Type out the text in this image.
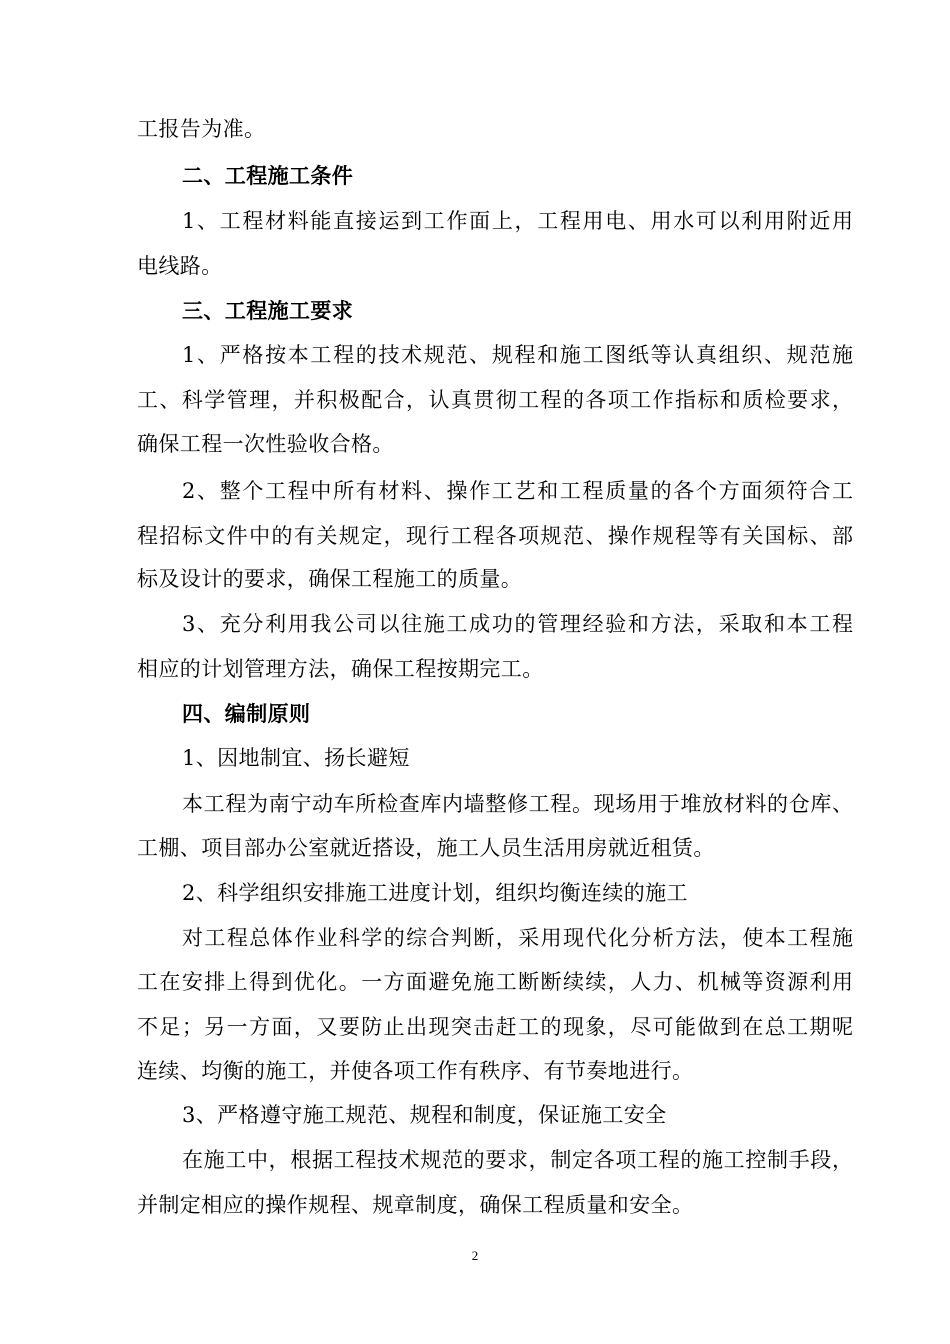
工报告为准。
二、工程施工条件
1、工程材料能直接运到工作面上，工程用电、用水可以利用附近用
电线路。
三、工程施工要求
1、严格按本工程的技术规范、规程和施工图纸等认真组织、规范施
工、科学管理，并积极配合，认真贯彻工程的各项工作指标和质检要求，
确保工程一次性验收合格。
2、整个工程中所有材料、操作工艺和工程质量的各个方面须符合工
程招标文件中的有关规定，现行工程各项规范、操作规程等有关国标、部
标及设计的要求，确保工程施工的质量。
3、充分利用我公司以往施工成功的管理经验和方法，采取和本工程
相应的计划管理方法，确保工程按期完工。
四、编制原则
1、因地制宜、扬长避短
本工程为南宁动车所检查库内墙整修工程。现场用于堆放材料的仓库、
工棚、项目部办公室就近搭设，施工人员生活用房就近租赁。
2、科学组织安排施工进度计划，组织均衡连续的施工
对工程总体作业科学的综合判断，采用现代化分析方法，使本工程施
工在安排上得到优化。一方面避免施工断断续续，人力、机械等资源利用
不足；另一方面，又要防止出现突击赶工的现象，尽可能做到在总工期呢
连续、均衡的施工，并使各项工作有秩序、有节奏地进行。
3、严格遵守施工规范、规程和制度，保证施工安全
在施工中，根据工程技术规范的要求，制定各项工程的施工控制手段，
并制定相应的操作规程、规章制度，确保工程质量和安全。
2
